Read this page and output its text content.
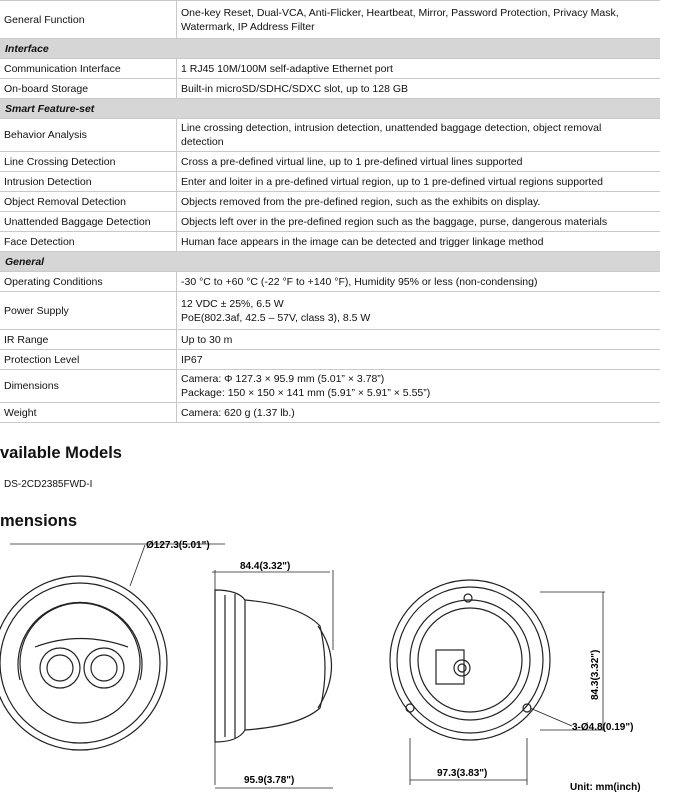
General Function	One-key Reset, Dual-VCA, Anti-Flicker, Heartbeat, Mirror, Password Protection, Privacy Mask,
Watermark, IP Address Filter

Interface	
Communication Interface	1 RJ45 10M/100M self-adaptive Ethernet port

On-board Storage	Built-in microSD/SDHC/SDXC slot, up to 128 GB

Smart Feature-set	
Behavior Analysis	Line crossing detection, intrusion detection, unattended baggage detection, object removal
detection

Line Crossing Detection	Cross a pre-defined virtual line, up to 1 pre-defined virtual lines supported

Intrusion Detection	Enter and loiter in a pre-defined virtual region, up to 1 pre-defined virtual regions supported

Object Removal Detection	Objects removed from the pre-defined region, such as the exhibits on display.

Unattended Baggage Detection	Objects left over in the pre-defined region such as the baggage, purse, dangerous materials

Face Detection	Human face appears in the image can be detected and trigger linkage method

General	
Operating Conditions	-30 °C to +60 °C (-22 °F to +140 °F), Humidity 95% or less (non-condensing)

Power Supply	12 VDC ± 25%, 6.5 W
PoE(802.3af, 42.5 – 57V, class 3), 8.5 W

IR Range	Up to 30 m

Protection Level	IP67

Dimensions	Camera: Φ 127.3 × 95.9 mm (5.01” × 3.78”)
Package: 150 × 150 × 141 mm (5.91” × 5.91” × 5.55”)

Weight	Camera: 620 g (1.37 lb.)
vailable Models
DS-2CD2385FWD-I
mensions
Ø127.3(5.01")
84.4(3.32")
95.9(3.78")
97.3(3.83")
84.3(3.32")
3-Ø4.8(0.19")
Unit: mm(inch)
